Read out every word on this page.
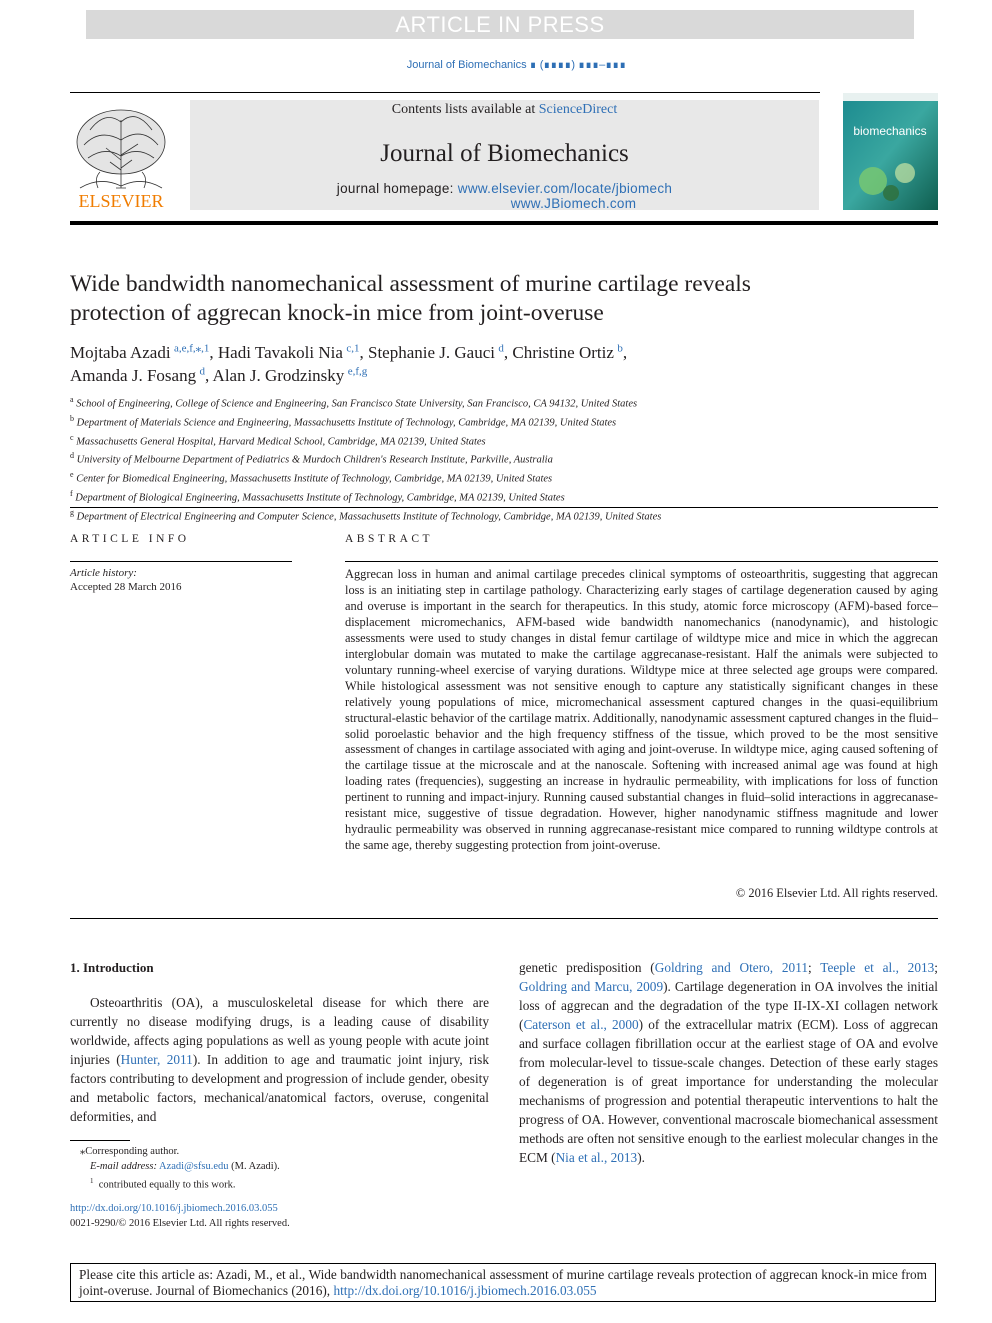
ARTICLE IN PRESS
Journal of Biomechanics ∎ (∎∎∎∎) ∎∎∎–∎∎∎
ELSEVIER
Contents lists available at ScienceDirect
Journal of Biomechanics
journal homepage: www.elsevier.com/locate/jbiomech
www.JBiomech.com
biomechanics
Wide bandwidth nanomechanical assessment of murine cartilage reveals protection of aggrecan knock-in mice from joint-overuse
Mojtaba Azadi  $^{a,e,f,⁎,1}$, Hadi Tavakoli Nia  $^{c,1}$, Stephanie J. Gauci  $^d$, Christine Ortiz  $^b$,
Amanda J. Fosang  $^d$, Alan J. Grodzinsky  $^{e,f,g}$
$^a$ School of Engineering, College of Science and Engineering, San Francisco State University, San Francisco, CA 94132, United States
$^b$ Department of Materials Science and Engineering, Massachusetts Institute of Technology, Cambridge, MA 02139, United States
$^c$ Massachusetts General Hospital, Harvard Medical School, Cambridge, MA 02139, United States
$^d$ University of Melbourne Department of Pediatrics & Murdoch Children's Research Institute, Parkville, Australia
$^e$ Center for Biomedical Engineering, Massachusetts Institute of Technology, Cambridge, MA 02139, United States
$^f$ Department of Biological Engineering, Massachusetts Institute of Technology, Cambridge, MA 02139, United States
$^g$ Department of Electrical Engineering and Computer Science, Massachusetts Institute of Technology, Cambridge, MA 02139, United States
ARTICLE INFO	ABSTRACT
Article history:
Accepted 28 March 2016
Aggrecan loss in human and animal cartilage precedes clinical symptoms of osteoarthritis, suggesting that aggrecan loss is an initiating step in cartilage pathology. Characterizing early stages of cartilage degeneration caused by aging and overuse is important in the search for therapeutics. In this study, atomic force microscopy (AFM)-based force–displacement micromechanics, AFM-based wide bandwidth nanomechanics (nanodynamic), and histologic assessments were used to study changes in distal femur cartilage of wildtype mice and mice in which the aggrecan interglobular domain was mutated to make the cartilage aggrecanase-resistant. Half the animals were subjected to voluntary running-wheel exercise of varying durations. Wildtype mice at three selected age groups were compared. While histological assessment was not sensitive enough to capture any statistically significant changes in these relatively young populations of mice, micromechanical assessment captured changes in the quasi-equilibrium structural-elastic behavior of the cartilage matrix. Additionally, nanodynamic assessment captured changes in the fluid–solid poroelastic behavior and the high frequency stiffness of the tissue, which proved to be the most sensitive assessment of changes in cartilage associated with aging and joint-overuse. In wildtype mice, aging caused softening of the cartilage tissue at the microscale and at the nanoscale. Softening with increased animal age was found at high loading rates (frequencies), suggesting an increase in hydraulic permeability, with implications for loss of function pertinent to running and impact-injury. Running caused substantial changes in fluid–solid interactions in aggrecanase-resistant mice, suggestive of tissue degradation. However, higher nanodynamic stiffness magnitude and lower hydraulic permeability was observed in running aggrecanase-resistant mice compared to running wildtype controls at the same age, thereby suggesting protection from joint-overuse.
© 2016 Elsevier Ltd. All rights reserved.
1. Introduction
Osteoarthritis (OA), a musculoskeletal disease for which there are currently no disease modifying drugs, is a leading cause of disability worldwide, affects aging populations as well as young people with acute joint injuries (Hunter, 2011). In addition to age and traumatic joint injury, risk factors contributing to development and progression of include gender, obesity and metabolic factors, mechanical/anatomical factors, overuse, congenital deformities, and
genetic predisposition (Goldring and Otero, 2011; Teeple et al., 2013; Goldring and Marcu, 2009). Cartilage degeneration in OA involves the initial loss of aggrecan and the degradation of the type II-IX-XI collagen network (Caterson et al., 2000) of the extracellular matrix (ECM). Loss of aggrecan and surface collagen fibrillation occur at the earliest stage of OA and evolve from molecular-level to tissue-scale changes. Detection of these early stages of degeneration is of great importance for understanding the molecular mechanisms of progression and potential therapeutic interventions to halt the progress of OA. However, conventional macroscale biomechanical assessment methods are often not sensitive enough to the earliest molecular changes in the ECM (Nia et al., 2013).
⁎Corresponding author.
E-mail address: Azadi@sfsu.edu (M. Azadi).
$^1$ contributed equally to this work.
http://dx.doi.org/10.1016/j.jbiomech.2016.03.055
0021-9290/© 2016 Elsevier Ltd. All rights reserved.
Please cite this article as: Azadi, M., et al., Wide bandwidth nanomechanical assessment of murine cartilage reveals protection of aggrecan knock-in mice from joint-overuse. Journal of Biomechanics (2016), http://dx.doi.org/10.1016/j.jbiomech.2016.03.055
